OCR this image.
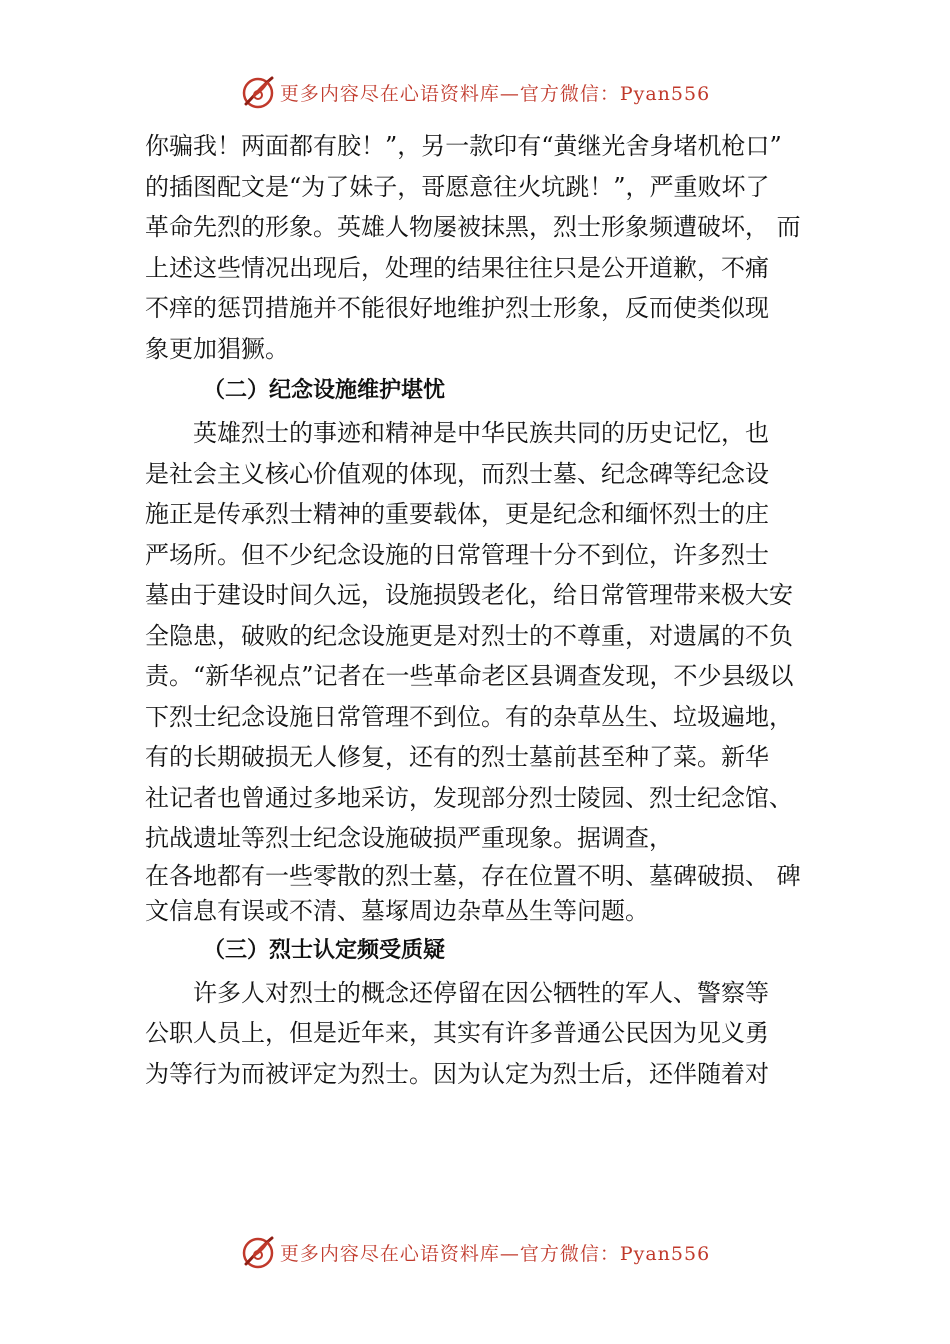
更多内容尽在心语资料库—官方微信：Pyan556
你骗我！两面都有胶！”，另一款印有“黄继光舍身堵机枪口”
的插图配文是“为了妹子，哥愿意往火坑跳！”，严重败坏了
革命先烈的形象。英雄人物屡被抹黑，烈士形象频遭破坏， 而
上述这些情况出现后，处理的结果往往只是公开道歉，不痛
不痒的惩罚措施并不能很好地维护烈士形象，反而使类似现
象更加猖獗。
（二）纪念设施维护堪忧
英雄烈士的事迹和精神是中华民族共同的历史记忆，也
是社会主义核心价值观的体现，而烈士墓、纪念碑等纪念设
施正是传承烈士精神的重要载体，更是纪念和缅怀烈士的庄
严场所。但不少纪念设施的日常管理十分不到位，许多烈士
墓由于建设时间久远，设施损毁老化，给日常管理带来极大安
全隐患，破败的纪念设施更是对烈士的不尊重，对遗属的不负
责。“新华视点”记者在一些革命老区县调查发现，不少县级以
下烈士纪念设施日常管理不到位。有的杂草丛生、垃圾遍地，
有的长期破损无人修复，还有的烈士墓前甚至种了菜。新华
社记者也曾通过多地采访，发现部分烈士陵园、烈士纪念馆、
抗战遗址等烈士纪念设施破损严重现象。据调查，
在各地都有一些零散的烈士墓，存在位置不明、墓碑破损、 碑
文信息有误或不清、墓塚周边杂草丛生等问题。
（三）烈士认定频受质疑
许多人对烈士的概念还停留在因公牺牲的军人、警察等
公职人员上，但是近年来，其实有许多普通公民因为见义勇
为等行为而被评定为烈士。因为认定为烈士后，还伴随着对
更多内容尽在心语资料库—官方微信：Pyan556
